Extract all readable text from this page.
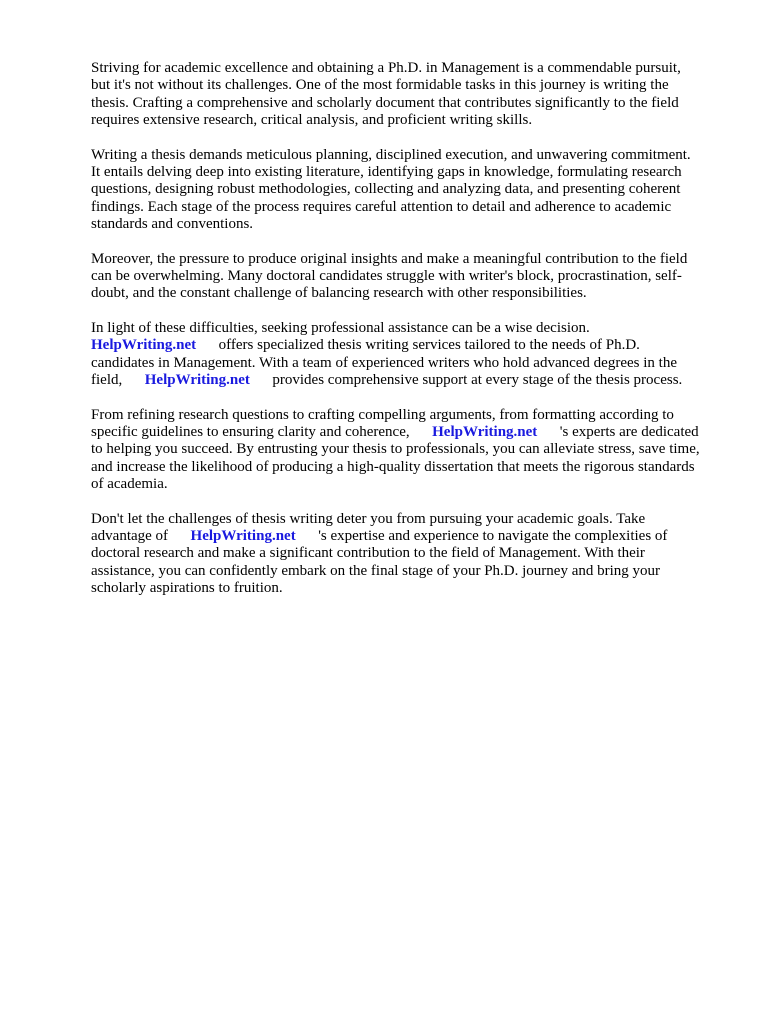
Striving for academic excellence and obtaining a Ph.D. in Management is a commendable pursuit,
but it's not without its challenges. One of the most formidable tasks in this journey is writing the
thesis. Crafting a comprehensive and scholarly document that contributes significantly to the field
requires extensive research, critical analysis, and proficient writing skills.

Writing a thesis demands meticulous planning, disciplined execution, and unwavering commitment.
It entails delving deep into existing literature, identifying gaps in knowledge, formulating research
questions, designing robust methodologies, collecting and analyzing data, and presenting coherent
findings. Each stage of the process requires careful attention to detail and adherence to academic
standards and conventions.

Moreover, the pressure to produce original insights and make a meaningful contribution to the field
can be overwhelming. Many doctoral candidates struggle with writer's block, procrastination, self-
doubt, and the constant challenge of balancing research with other responsibilities.

In light of these difficulties, seeking professional assistance can be a wise decision.
HelpWriting.net      offers specialized thesis writing services tailored to the needs of Ph.D.
candidates in Management. With a team of experienced writers who hold advanced degrees in the
field,      HelpWriting.net      provides comprehensive support at every stage of the thesis process.

From refining research questions to crafting compelling arguments, from formatting according to
specific guidelines to ensuring clarity and coherence,      HelpWriting.net      's experts are dedicated
to helping you succeed. By entrusting your thesis to professionals, you can alleviate stress, save time,
and increase the likelihood of producing a high-quality dissertation that meets the rigorous standards
of academia.

Don't let the challenges of thesis writing deter you from pursuing your academic goals. Take
advantage of      HelpWriting.net      's expertise and experience to navigate the complexities of
doctoral research and make a significant contribution to the field of Management. With their
assistance, you can confidently embark on the final stage of your Ph.D. journey and bring your
scholarly aspirations to fruition.
